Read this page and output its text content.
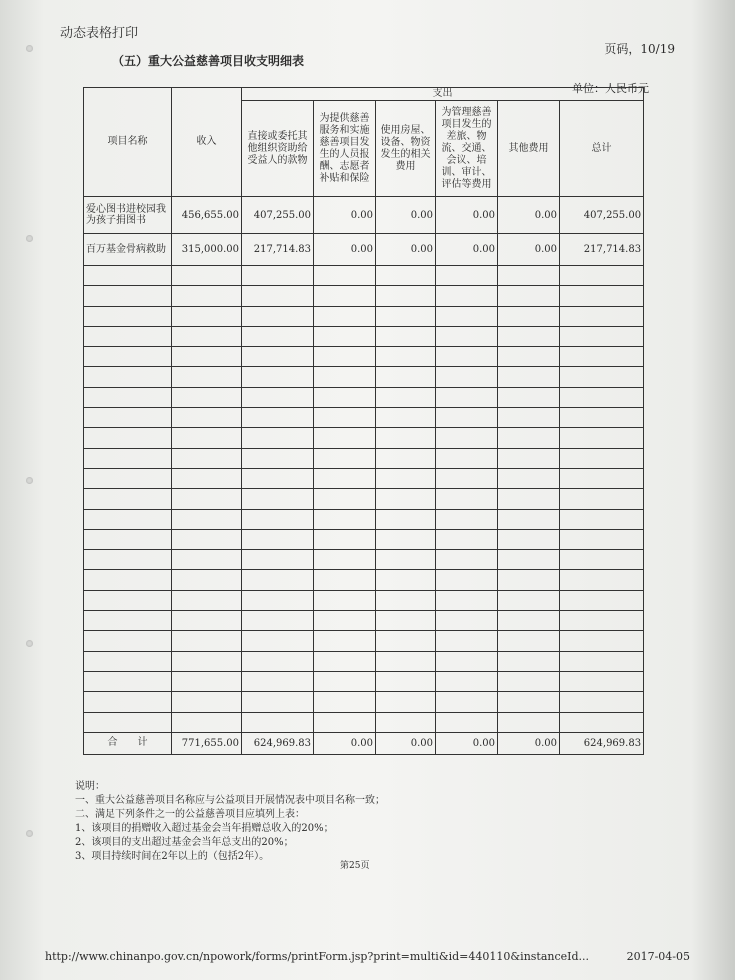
动态表格打印
页码，10/19
（五）重大公益慈善项目收支明细表
单位：人民币元
项目名称	收入	支出					
		直接或委托其他组织资助给受益人的款物	为提供慈善服务和实施慈善项目发生的人员报酬、志愿者补贴和保险	使用房屋、设备、物资发生的相关费用	为管理慈善项目发生的差旅、物流、交通、会议、培训、审计、评估等费用	其他费用	总计
爱心图书进校园我为孩子捐图书	456,655.00	407,255.00	0.00	0.00	0.00	0.00	407,255.00
百万基金骨病救助	315,000.00	217,714.83	0.00	0.00	0.00	0.00	217,714.83

合　　计	771,655.00	624,969.83	0.00	0.00	0.00	0.00	624,969.83
说明：
一、重大公益慈善项目名称应与公益项目开展情况表中项目名称一致；
二、满足下列条件之一的公益慈善项目应填列上表：
1、该项目的捐赠收入超过基金会当年捐赠总收入的20%；
2、该项目的支出超过基金会当年总支出的20%；
3、项目持续时间在2年以上的（包括2年）。
第25页
http://www.chinanpo.gov.cn/npowork/forms/printForm.jsp?print=multi&id=440110&instanceId...	2017-04-05
